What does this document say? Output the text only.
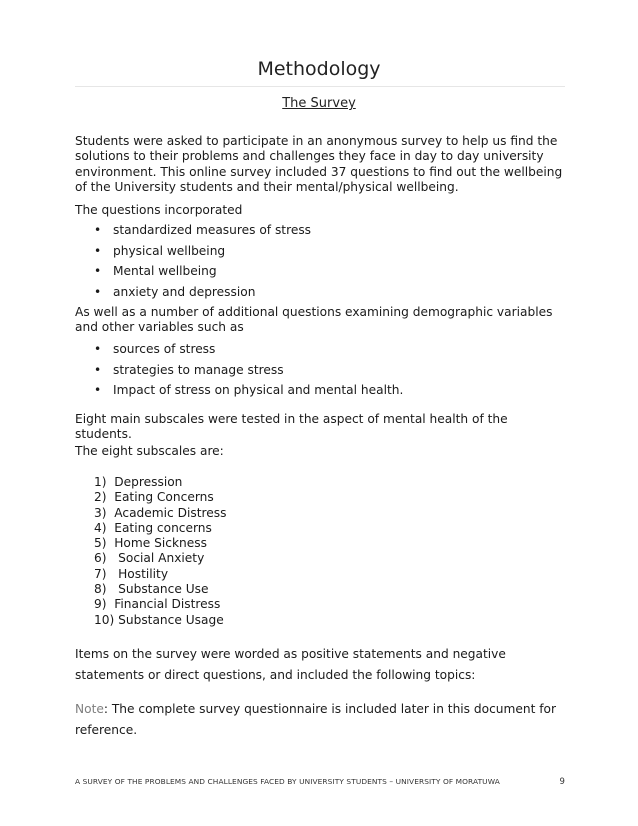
Methodology
The Survey

Students were asked to participate in an anonymous survey to help us find the solutions to their problems and challenges they face in day to day university environment. This online survey included 37 questions to find out the wellbeing of the University students and their mental/physical wellbeing.

The questions incorporated

• standardized measures of stress
• physical wellbeing
• Mental wellbeing
• anxiety and depression

As well as a number of additional questions examining demographic variables and other variables such as

• sources of stress
• strategies to manage stress
• Impact of stress on physical and mental health.

Eight main subscales were tested in the aspect of mental health of the students.

The eight subscales are:

1)  Depression
2)  Eating Concerns
3)  Academic Distress
4)  Eating concerns
5)  Home Sickness
6)   Social Anxiety
7)   Hostility
8)   Substance Use
9)  Financial Distress
10) Substance Usage

Items on the survey were worded as positive statements and negative statements or direct questions, and included the following topics:

Note: The complete survey questionnaire is included later in this document for reference.

A SURVEY OF THE PROBLEMS AND CHALLENGES FACED BY UNIVERSITY STUDENTS – UNIVERSITY OF MORATUWA	9
